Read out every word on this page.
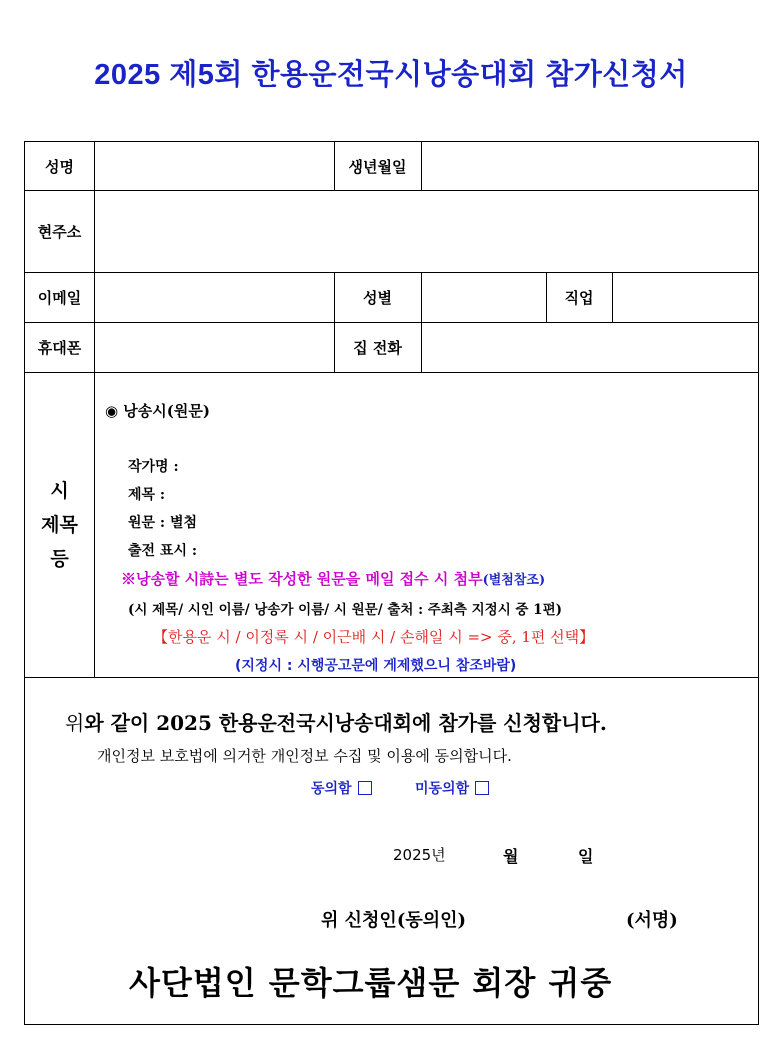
2025 제5회 한용운전국시낭송대회 참가신청서
성명	생년월일
현주소
이메일	성별	직업
휴대폰	집 전화
시
제목
등
◉ 낭송시(원문)
작가명 :
제목 :
원문 : 별첨
출전 표시 :
※낭송할 시詩는 별도 작성한 원문을 메일 접수 시 첨부(별첨참조)
(시 제목/ 시인 이름/ 낭송가 이름/ 시 원문/ 출처 : 주최측 지정시 중 1편)
【한용운 시 / 이정록 시 / 이근배 시 / 손해일 시 => 중, 1편 선택】
(지정시 : 시행공고문에 게제했으니 참조바람)
위와 같이 2025 한용운전국시낭송대회에 참가를 신청합니다.
개인정보 보호법에 의거한 개인정보 수집 및 이용에 동의합니다.
동의함	미동의함
2025년	월	일
위 신청인(동의인)	(서명)
사단법인 문학그룹샘문 회장 귀중
